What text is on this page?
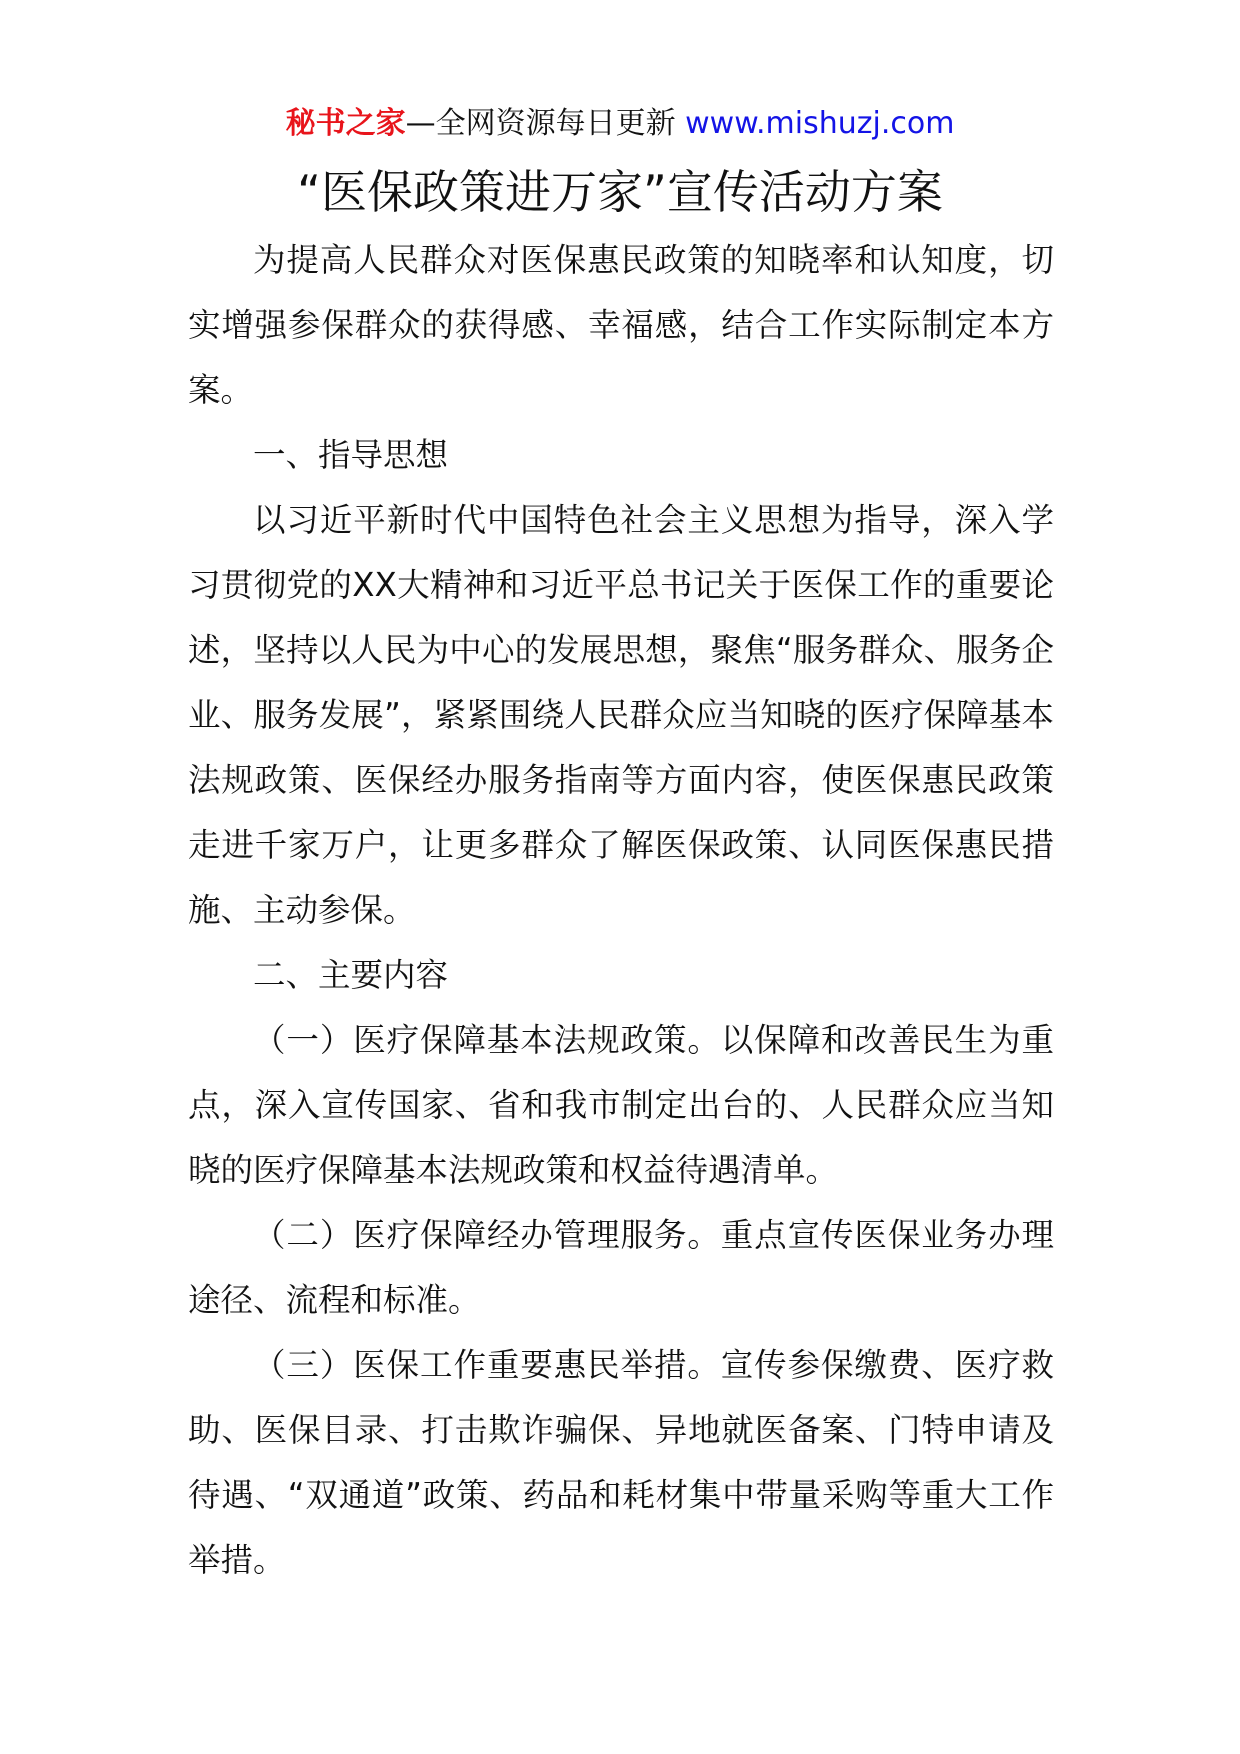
秘书之家—全网资源每日更新 www.mishuzj.com
“医保政策进万家”宣传活动方案

为提高人民群众对医保惠民政策的知晓率和认知度，切实增强参保群众的获得感、幸福感，结合工作实际制定本方案。

一、指导思想

以习近平新时代中国特色社会主义思想为指导，深入学习贯彻党的XX大精神和习近平总书记关于医保工作的重要论述，坚持以人民为中心的发展思想，聚焦“服务群众、服务企业、服务发展”，紧紧围绕人民群众应当知晓的医疗保障基本法规政策、医保经办服务指南等方面内容，使医保惠民政策走进千家万户，让更多群众了解医保政策、认同医保惠民措施、主动参保。

二、主要内容

（一）医疗保障基本法规政策。以保障和改善民生为重点，深入宣传国家、省和我市制定出台的、人民群众应当知晓的医疗保障基本法规政策和权益待遇清单。

（二）医疗保障经办管理服务。重点宣传医保业务办理途径、流程和标准。

（三）医保工作重要惠民举措。宣传参保缴费、医疗救助、医保目录、打击欺诈骗保、异地就医备案、门特申请及待遇、“双通道”政策、药品和耗材集中带量采购等重大工作举措。
